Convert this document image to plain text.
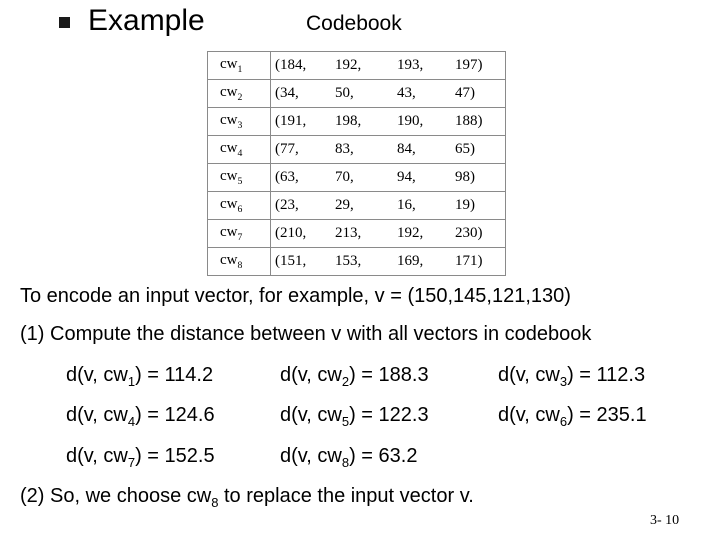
Example	Codebook
$cw_1$	(184, 192, 193, 197)

$cw_2$	(34, 50, 43, 47)

$cw_3$	(191, 198, 190, 188)

$cw_4$	(77, 83, 84, 65)

$cw_5$	(63, 70, 94, 98)

$cw_6$	(23, 29, 16, 19)

$cw_7$	(210, 213, 192, 230)

$cw_8$	(151, 153, 169, 171)
To encode an input vector, for example, v = (150,145,121,130)
(1) Compute the distance between v with all vectors in codebook
d(v, $cw_1) = 114.2$	d(v, $cw_2) = 188.3$	d(v, $cw_3) = 112.3$
d(v, $cw_4) = 124.6$	d(v, $cw_5) = 122.3$	d(v, $cw_6) = 235.1$
d(v, $cw_7) = 152.5$	d(v, $cw_8) = 63.2$
(2) So, we choose $cw_8$ to replace the input vector v.
3- 10
